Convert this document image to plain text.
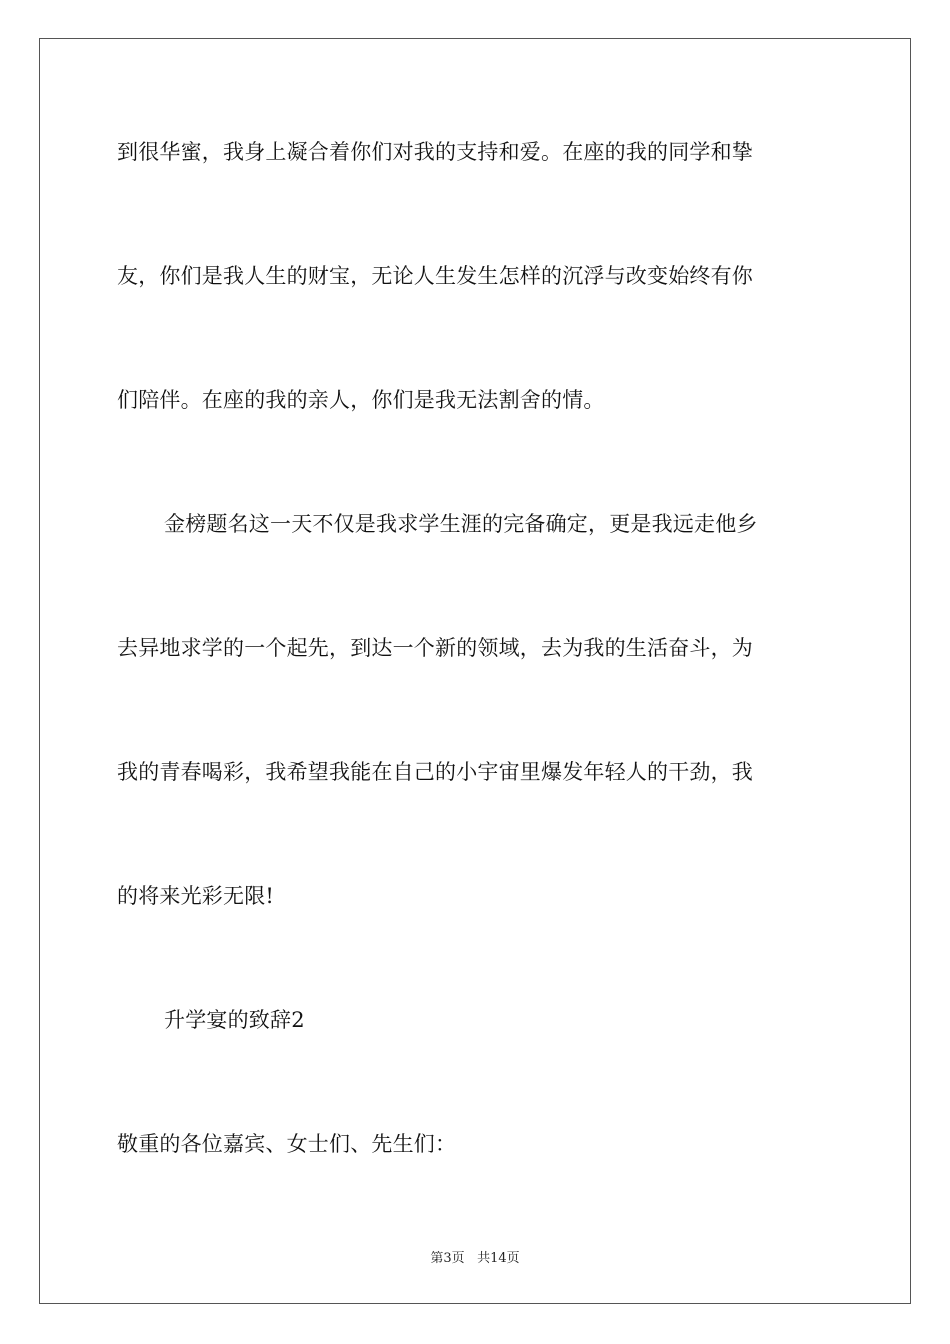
到很华蜜，我身上凝合着你们对我的支持和爱。在座的我的同学和挚
友，你们是我人生的财宝，无论人生发生怎样的沉浮与改变始终有你
们陪伴。在座的我的亲人，你们是我无法割舍的情。
金榜题名这一天不仅是我求学生涯的完备确定，更是我远走他乡
去异地求学的一个起先，到达一个新的领域，去为我的生活奋斗，为
我的青春喝彩，我希望我能在自己的小宇宙里爆发年轻人的干劲，我
的将来光彩无限!
升学宴的致辞2
敬重的各位嘉宾、女士们、先生们：
第3页 共14页
